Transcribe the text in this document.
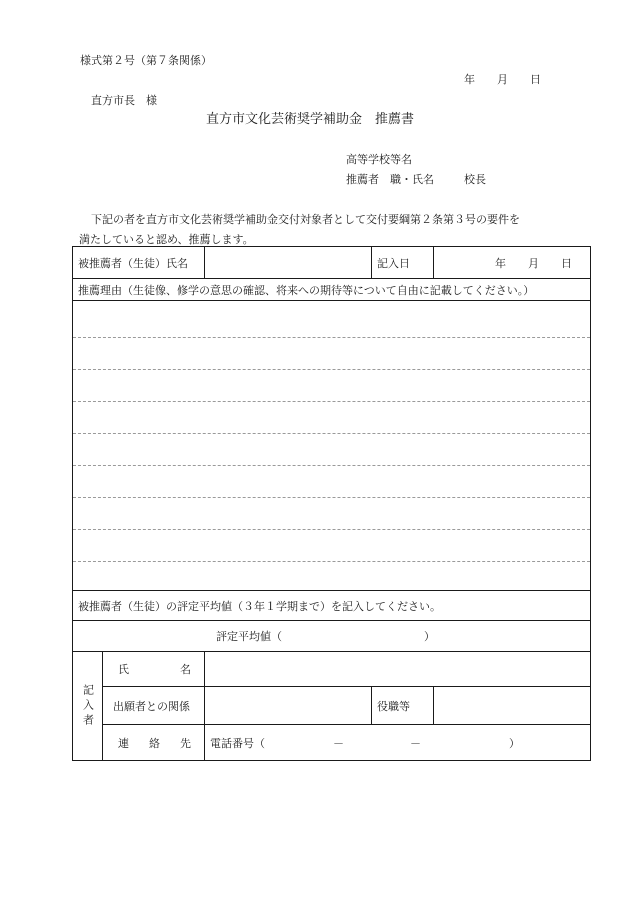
様式第２号（第７条関係）
年　　月　　日
直方市長　様
直方市文化芸術奨学補助金　推薦書
高等学校等名
推薦者　職・氏名	校長
下記の者を直方市文化芸術奨学補助金交付対象者として交付要綱第２条第３号の要件を
満たしていると認め、推薦します。
被推薦者（生徒）氏名			記入日	年　　月　　日
推薦理由（生徒像、修学の意思の確認、将来への期待等について自由に記載してください。）				

被推薦者（生徒）の評定平均値（３年１学期まで）を記入してください。				
評定平均値（ ）				

記入者	氏 名			

	出願者との関係		役職等	

	連 絡 先	電話番号（ － － ）		
